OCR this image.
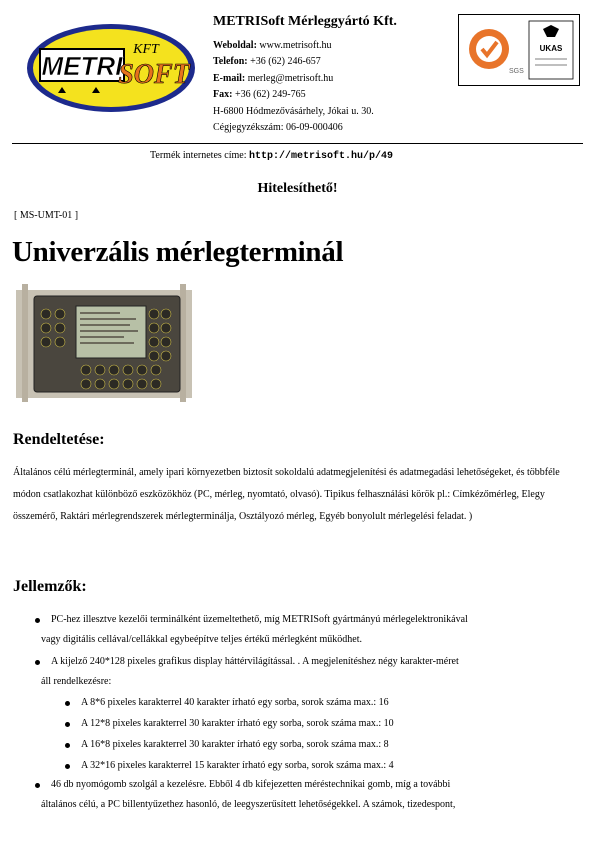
METRI
KFT
SOFT
METRISoft Mérleggyártó Kft.
Weboldal: www.metrisoft.hu
Telefon: +36 (62) 246-657
E-mail: merleg@metrisoft.hu
Fax: +36 (62) 249-765
H-6800 Hódmezővásárhely, Jókai u. 30.
Cégjegyzékszám: 06-09-000406
SGS
UKAS
Termék internetes címe: http://metrisoft.hu/p/49
Hitelesíthető!
[ MS-UMT-01 ]
Univerzális mérlegterminál
Rendeltetése:
Általános célú mérlegterminál, amely ipari környezetben biztosít sokoldalú adatmegjelenítési és adatmegadási lehetőségeket, és többféle módon csatlakozhat különböző eszközökhöz (PC, mérleg, nyomtató, olvasó). Tipikus felhasználási körök pl.: Címkézőmérleg, Elegy összemérő, Raktári mérlegrendszerek mérlegterminálja, Osztályozó mérleg, Egyéb bonyolult mérlegelési feladat. )
Jellemzők:
PC-hez illesztve kezelői terminálként üzemeltethető, míg METRISoft gyártmányú mérlegelektronikával
vagy digitális cellával/cellákkal egybeépítve teljes értékű mérlegként működhet.
A kijelző 240*128 pixeles grafikus display háttérvilágítással. . A megjelenítéshez négy karakter-méret
áll rendelkezésre:
A 8*6 pixeles karakterrel 40 karakter írható egy sorba, sorok száma max.: 16
A 12*8 pixeles karakterrel 30 karakter írható egy sorba, sorok száma max.: 10
A 16*8 pixeles karakterrel 30 karakter írható egy sorba, sorok száma max.: 8
A 32*16 pixeles karakterrel 15 karakter írható egy sorba, sorok száma max.: 4
46 db nyomógomb szolgál a kezelésre. Ebből 4 db kifejezetten méréstechnikai gomb, míg a további
általános célú, a PC billentyűzethez hasonló, de leegyszerűsített lehetőségekkel. A számok, tizedespont,
